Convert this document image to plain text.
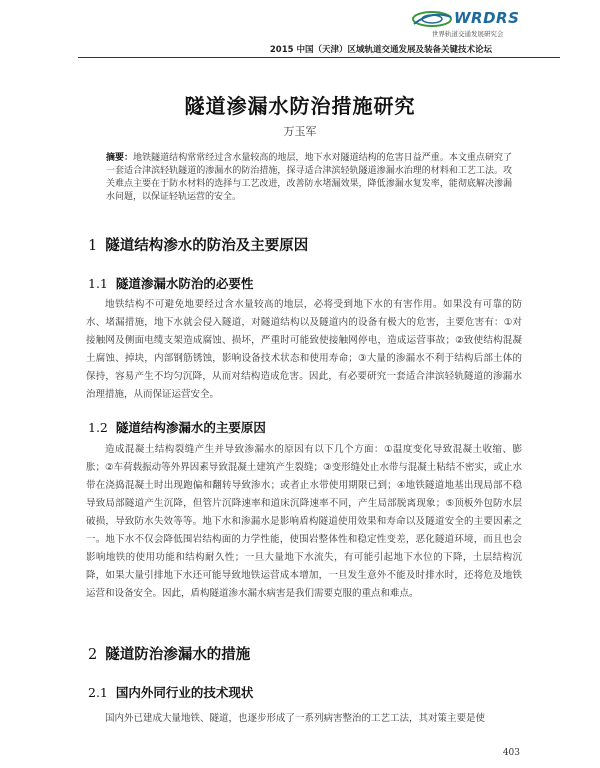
WRDRS
世界轨道交通发展研究会
2015 中国（天津）区域轨道交通发展及装备关键技术论坛
隧道渗漏水防治措施研究
万玉军
摘要：地铁隧道结构常常经过含水量较高的地层，地下水对隧道结构的危害日益严重。本文重点研究了一套适合津滨轻轨隧道的渗漏水的防治措施，探寻适合津滨轻轨隧道渗漏水治理的材料和工艺工法。攻关难点主要在于防水材料的选择与工艺改进，改善防水堵漏效果，降低渗漏水复发率，能彻底解决渗漏水问题，以保证轻轨运营的安全。
1 隧道结构渗水的防治及主要原因
1.1 隧道渗漏水防治的必要性
地铁结构不可避免地要经过含水量较高的地层，必将受到地下水的有害作用。如果没有可靠的防水、堵漏措施，地下水就会侵入隧道，对隧道结构以及隧道内的设备有极大的危害，主要危害有：①对接触网及侧面电缆支架造成腐蚀、损坏，严重时可能致使接触网停电，造成运营事故；②致使结构混凝土腐蚀、掉块，内部钢筋锈蚀，影响设备技术状态和使用寿命；③大量的渗漏水不利于结构后部土体的保持，容易产生不均匀沉降，从而对结构造成危害。因此，有必要研究一套适合津滨轻轨隧道的渗漏水治理措施，从而保证运营安全。
1.2 隧道结构渗漏水的主要原因
造成混凝土结构裂缝产生并导致渗漏水的原因有以下几个方面：①温度变化导致混凝土收缩、膨胀；②车荷载振动等外界因素导致混凝土建筑产生裂缝；③变形缝处止水带与混凝土粘结不密实，或止水带在浇捣混凝土时出现跑偏和翻转导致渗水；或者止水带使用期限已到；④地铁隧道地基出现局部不稳导致局部隧道产生沉降，但管片沉降速率和道床沉降速率不同，产生局部脱离现象；⑤顶板外包防水层破损，导致防水失效等等。地下水和渗漏水是影响盾构隧道使用效果和寿命以及隧道安全的主要因素之一。地下水不仅会降低围岩结构面的力学性能，使围岩整体性和稳定性变差，恶化隧道环境，而且也会影响地铁的使用功能和结构耐久性；一旦大量地下水流失，有可能引起地下水位的下降，土层结构沉降，如果大量引排地下水还可能导致地铁运营成本增加，一旦发生意外不能及时排水时，还将危及地铁运营和设备安全。因此，盾构隧道渗水漏水病害是我们需要克服的重点和难点。
2 隧道防治渗漏水的措施
2.1 国内外同行业的技术现状
国内外已建成大量地铁、隧道，也逐步形成了一系列病害整治的工艺工法，其对策主要是使
403
